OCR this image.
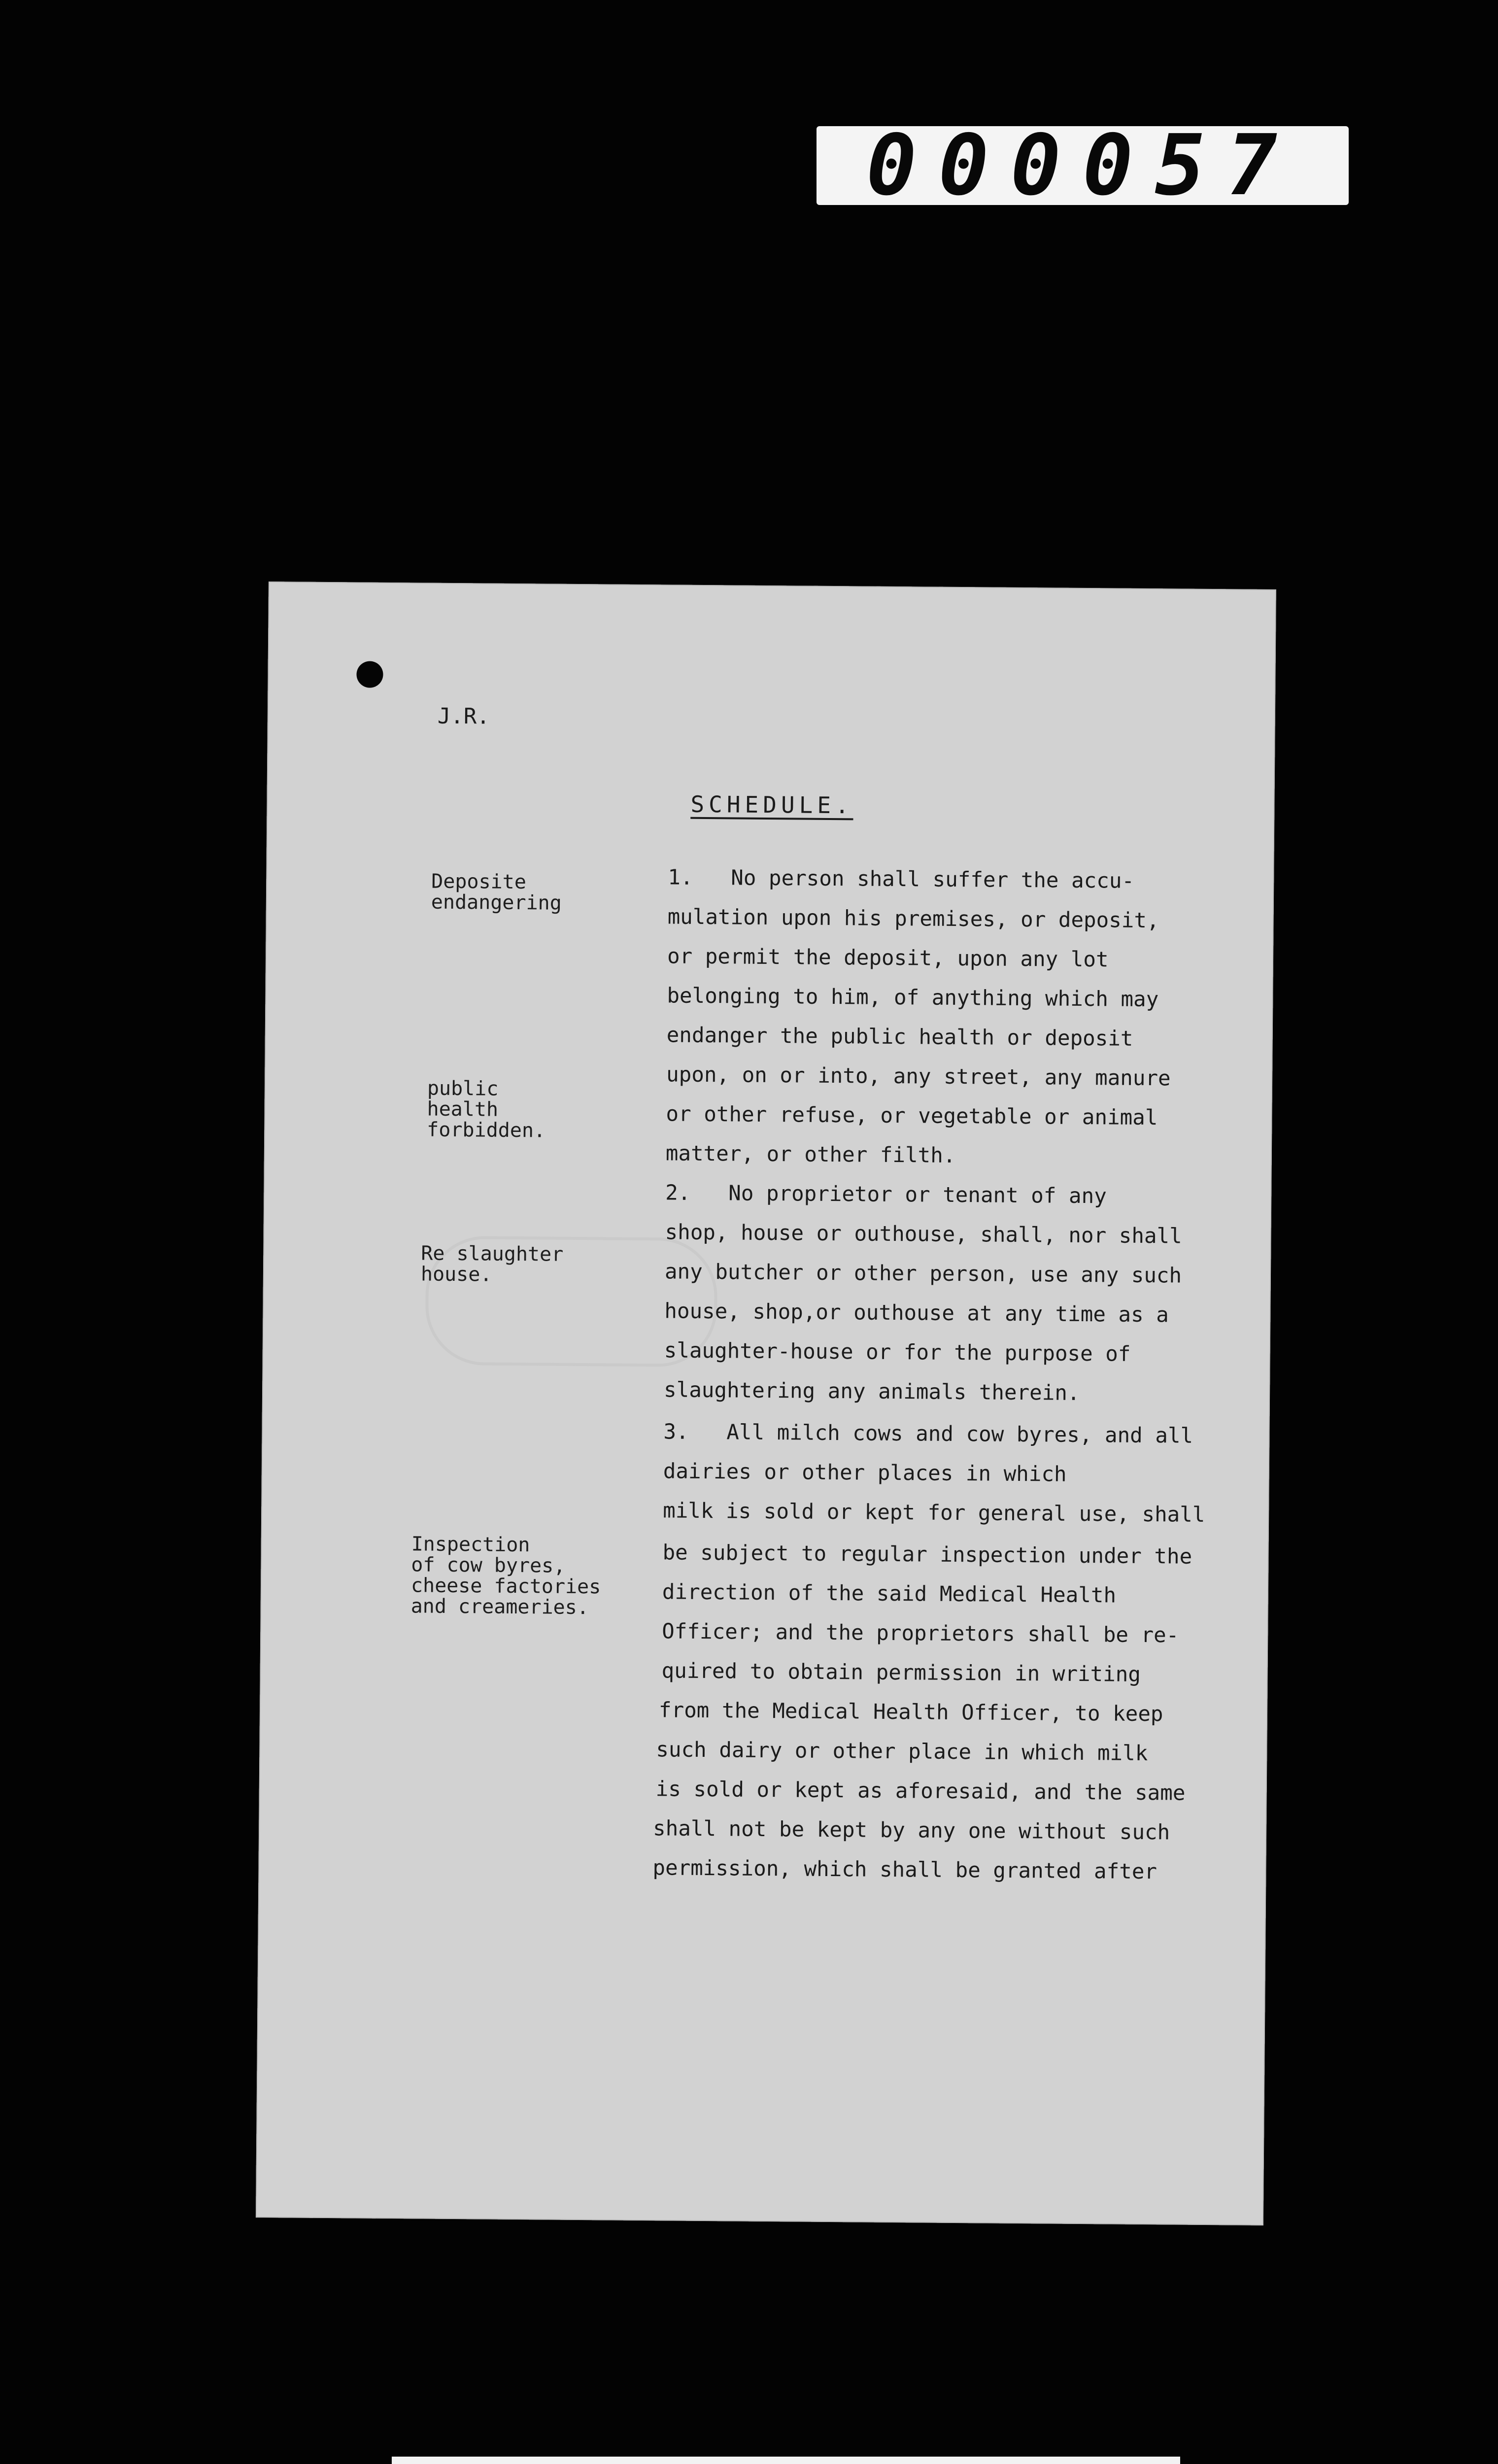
0 0 0 0 5 7
J.R.
SCHEDULE.
Deposite
endangering
public
health
forbidden.
Re slaughter
house.
Inspection
of cow byres,
cheese factories
and creameries.
1.   No person shall suffer the accu-
mulation upon his premises, or deposit,
or permit the deposit, upon any lot
belonging to him, of anything which may
endanger the public health or deposit
upon, on or into, any street, any manure
or other refuse, or vegetable or animal
matter, or other filth.
2.   No proprietor or tenant of any
shop, house or outhouse, shall, nor shall
any butcher or other person, use any such
house, shop,or outhouse at any time as a
slaughter-house or for the purpose of
slaughtering any animals therein.
3.   All milch cows and cow byres, and all
dairies or other places in which
milk is sold or kept for general use, shall
be subject to regular inspection under the
direction of the said Medical Health
Officer; and the proprietors shall be re-
quired to obtain permission in writing
from the Medical Health Officer, to keep
such dairy or other place in which milk
is sold or kept as aforesaid, and the same
shall not be kept by any one without such
permission, which shall be granted after
